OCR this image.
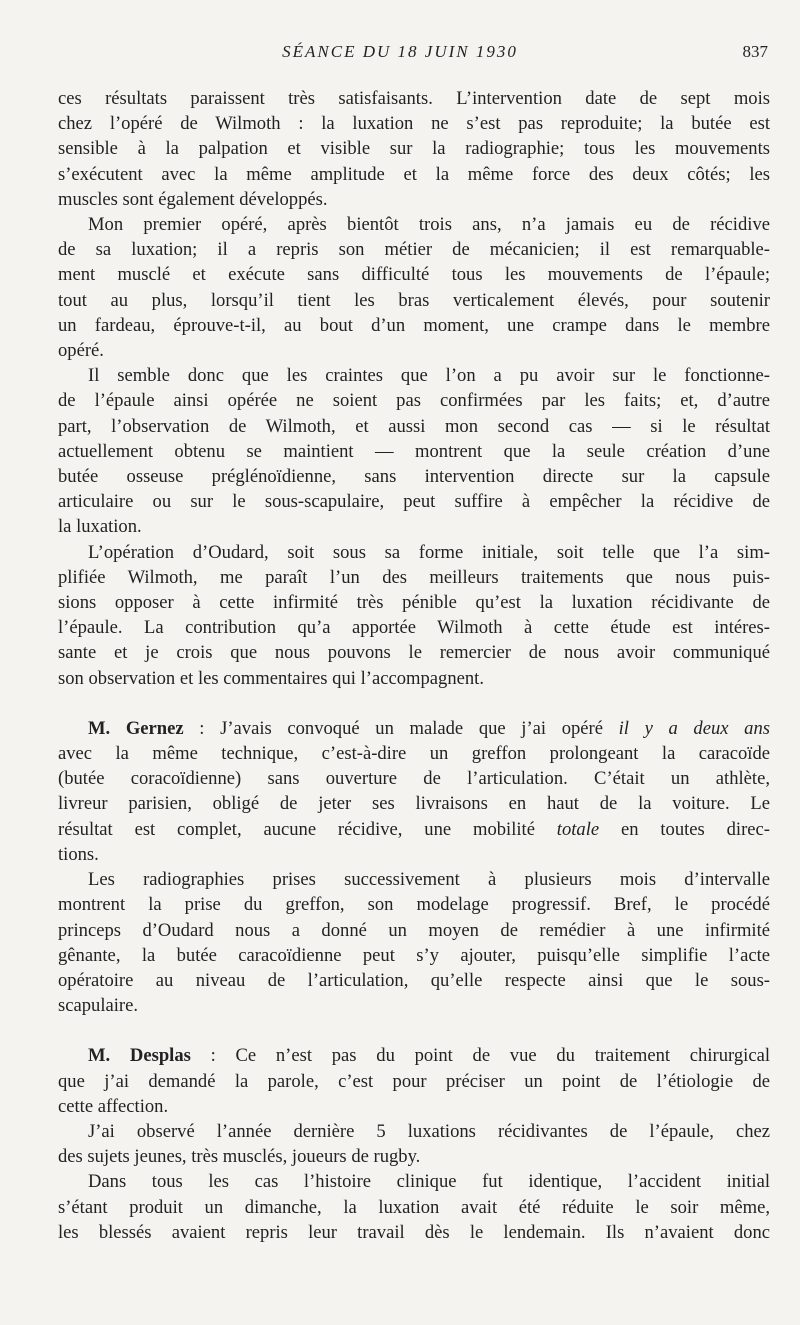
SÉANCE DU 18 JUIN 1930	837
ces résultats paraissent très satisfaisants. L’intervention date de sept mois
chez l’opéré de Wilmoth : la luxation ne s’est pas reproduite; la butée est
sensible à la palpation et visible sur la radiographie; tous les mouvements
s’exécutent avec la même amplitude et la même force des deux côtés; les
muscles sont également développés.
Mon premier opéré, après bientôt trois ans, n’a jamais eu de récidive
de sa luxation; il a repris son métier de mécanicien; il est remarquable-
ment musclé et exécute sans difficulté tous les mouvements de l’épaule;
tout au plus, lorsqu’il tient les bras verticalement élevés, pour soutenir
un fardeau, éprouve-t-il, au bout d’un moment, une crampe dans le membre
opéré.
Il semble donc que les craintes que l’on a pu avoir sur le fonctionne-
de l’épaule ainsi opérée ne soient pas confirmées par les faits; et, d’autre
part, l’observation de Wilmoth, et aussi mon second cas — si le résultat
actuellement obtenu se maintient — montrent que la seule création d’une
butée osseuse préglénoïdienne, sans intervention directe sur la capsule
articulaire ou sur le sous-scapulaire, peut suffire à empêcher la récidive de
la luxation.
L’opération d’Oudard, soit sous sa forme initiale, soit telle que l’a sim-
plifiée Wilmoth, me paraît l’un des meilleurs traitements que nous puis-
sions opposer à cette infirmité très pénible qu’est la luxation récidivante de
l’épaule. La contribution qu’a apportée Wilmoth à cette étude est intéres-
sante et je crois que nous pouvons le remercier de nous avoir communiqué
son observation et les commentaires qui l’accompagnent.
M. Gernez : J’avais convoqué un malade que j’ai opéré il y a deux ans
avec la même technique, c’est-à-dire un greffon prolongeant la caracoïde
(butée coracoïdienne) sans ouverture de l’articulation. C’était un athlète,
livreur parisien, obligé de jeter ses livraisons en haut de la voiture. Le
résultat est complet, aucune récidive, une mobilité totale en toutes direc-
tions.
Les radiographies prises successivement à plusieurs mois d’intervalle
montrent la prise du greffon, son modelage progressif. Bref, le procédé
princeps d’Oudard nous a donné un moyen de remédier à une infirmité
gênante, la butée caracoïdienne peut s’y ajouter, puisqu’elle simplifie l’acte
opératoire au niveau de l’articulation, qu’elle respecte ainsi que le sous-
scapulaire.
M. Desplas : Ce n’est pas du point de vue du traitement chirurgical
que j’ai demandé la parole, c’est pour préciser un point de l’étiologie de
cette affection.
J’ai observé l’année dernière 5 luxations récidivantes de l’épaule, chez
des sujets jeunes, très musclés, joueurs de rugby.
Dans tous les cas l’histoire clinique fut identique, l’accident initial
s’étant produit un dimanche, la luxation avait été réduite le soir même,
les blessés avaient repris leur travail dès le lendemain. Ils n’avaient donc
